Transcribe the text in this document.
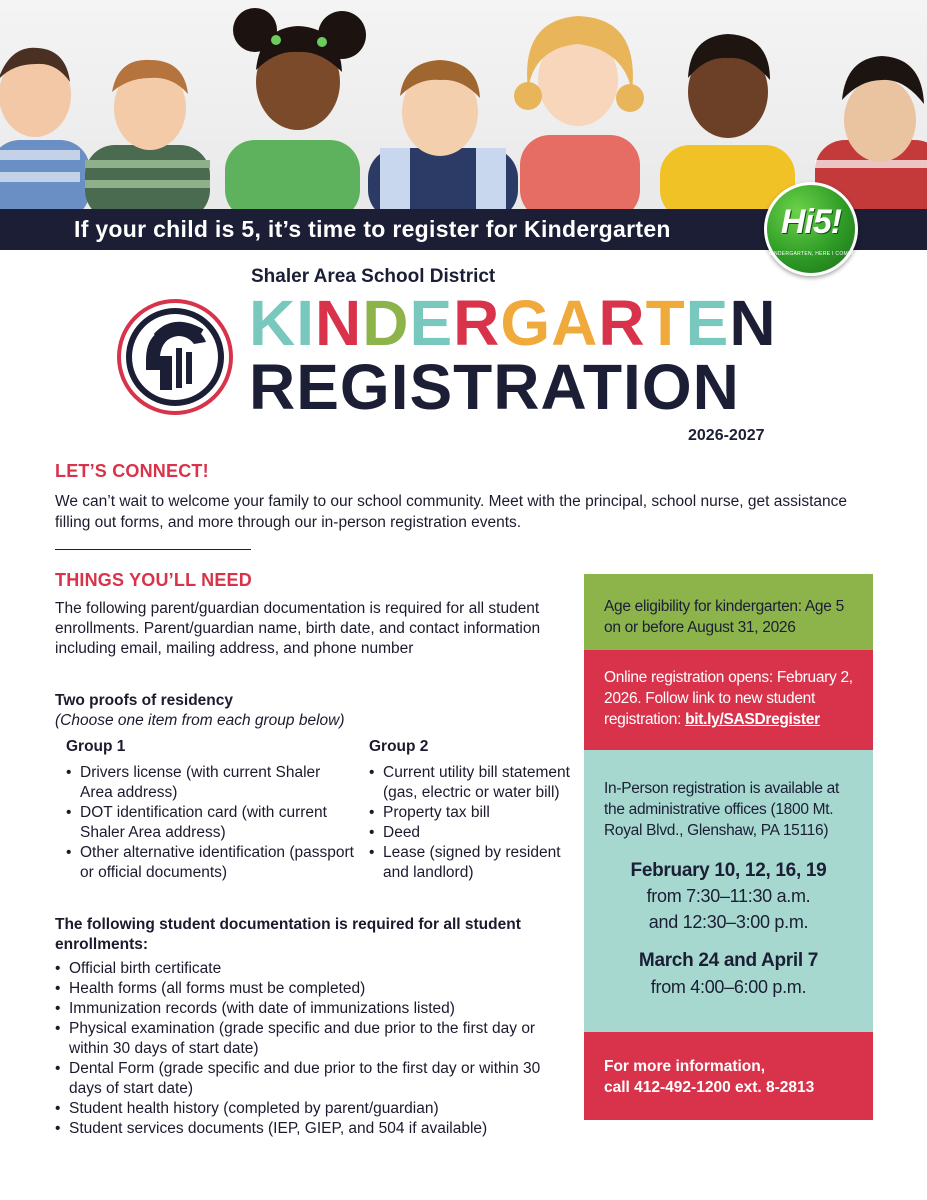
If your child is 5, it’s time to register for Kindergarten	Hi5!
KINDERGARTEN, HERE I COME!
Shaler Area School District
KINDERGARTEN
REGISTRATION
2026-2027
LET’S CONNECT!
We can’t wait to welcome your family to our school community. Meet with the principal, school nurse, get assistance filling out forms, and more through our in-person registration events.
THINGS YOU’LL NEED
The following parent/guardian documentation is required for all student enrollments. Parent/guardian name, birth date, and contact information including email, mailing address, and phone number
Two proofs of residency
(Choose one item from each group below)
Group 1
• Drivers license (with current Shaler Area address)
• DOT identification card (with current Shaler Area address)
• Other alternative identification (passport or official documents)
Group 2
• Current utility bill statement (gas, electric or water bill)
• Property tax bill
• Deed
• Lease (signed by resident and landlord)
The following student documentation is required for all student enrollments:
• Official birth certificate
• Health forms (all forms must be completed)
• Immunization records (with date of immunizations listed)
• Physical examination (grade specific and due prior to the first day or within 30 days of start date)
• Dental Form (grade specific and due prior to the first day or within 30 days of start date)
• Student health history (completed by parent/guardian)
• Student services documents (IEP, GIEP, and 504 if available)
Age eligibility for kindergarten: Age 5 on or before August 31, 2026
Online registration opens: February 2, 2026. Follow link to new student registration: bit.ly/SASDregister
In-Person registration is available at the administrative offices (1800 Mt. Royal Blvd., Glenshaw, PA 15116)
February 10, 12, 16, 19
from 7:30–11:30 a.m.
and 12:30–3:00 p.m.
March 24 and April 7
from 4:00–6:00 p.m.
For more information,
call 412-492-1200 ext. 8-2813
